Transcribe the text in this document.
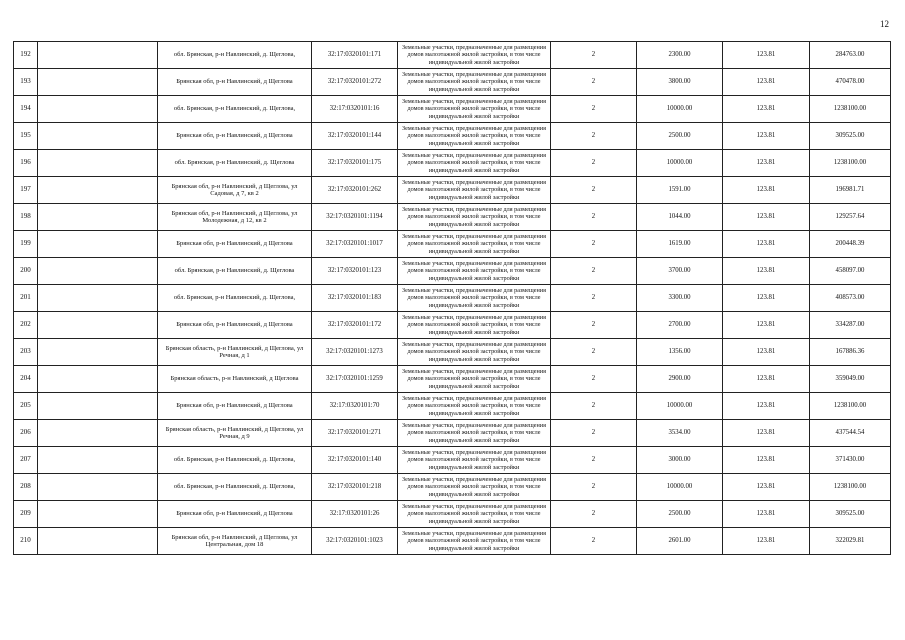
12
192		обл. Брянская, р-н Навлинский, д. Щеглова,	32:17:0320101:171	Земельные участки, предназначенные для размещения домов малоэтажной жилой застройки, в том числе индивидуальной жилой застройки	2	2300.00	123.81	284763.00
193		Брянская обл, р-н Навлинский, д Щеглова	32:17:0320101:272	Земельные участки, предназначенные для размещения домов малоэтажной жилой застройки, в том числе индивидуальной жилой застройки	2	3800.00	123.81	470478.00
194		обл. Брянская, р-н Навлинский, д. Щеглова,	32:17:0320101:16	Земельные участки, предназначенные для размещения домов малоэтажной жилой застройки, в том числе индивидуальной жилой застройки	2	10000.00	123.81	1238100.00
195		Брянская обл, р-н Навлинский, д Щеглова	32:17:0320101:144	Земельные участки, предназначенные для размещения домов малоэтажной жилой застройки, в том числе индивидуальной жилой застройки	2	2500.00	123.81	309525.00
196		обл. Брянская, р-н Навлинский, д. Щеглова	32:17:0320101:175	Земельные участки, предназначенные для размещения домов малоэтажной жилой застройки, в том числе индивидуальной жилой застройки	2	10000.00	123.81	1238100.00
197		Брянская обл, р-н Навлинский, д Щеглова, ул Садовая, д 7, кв 2	32:17:0320101:262	Земельные участки, предназначенные для размещения домов малоэтажной жилой застройки, в том числе индивидуальной жилой застройки	2	1591.00	123.81	196981.71
198		Брянская обл, р-н Навлинский, д Щеглова, ул Молодежная, д 12, кв 2	32:17:0320101:1194	Земельные участки, предназначенные для размещения домов малоэтажной жилой застройки, в том числе индивидуальной жилой застройки	2	1044.00	123.81	129257.64
199		Брянская обл, р-н Навлинский, д Щеглова	32:17:0320101:1017	Земельные участки, предназначенные для размещения домов малоэтажной жилой застройки, в том числе индивидуальной жилой застройки	2	1619.00	123.81	200448.39
200		обл. Брянская, р-н Навлинский, д. Щеглова	32:17:0320101:123	Земельные участки, предназначенные для размещения домов малоэтажной жилой застройки, в том числе индивидуальной жилой застройки	2	3700.00	123.81	458097.00
201		обл. Брянская, р-н Навлинский, д. Щеглова,	32:17:0320101:183	Земельные участки, предназначенные для размещения домов малоэтажной жилой застройки, в том числе индивидуальной жилой застройки	2	3300.00	123.81	408573.00
202		Брянская обл, р-н Навлинский, д Щеглова	32:17:0320101:172	Земельные участки, предназначенные для размещения домов малоэтажной жилой застройки, в том числе индивидуальной жилой застройки	2	2700.00	123.81	334287.00
203		Брянская область, р-н Навлинский, д Щеглова, ул Речная, д 1	32:17:0320101:1273	Земельные участки, предназначенные для размещения домов малоэтажной жилой застройки, в том числе индивидуальной жилой застройки	2	1356.00	123.81	167886.36
204		Брянская область, р-н Навлинский, д Щеглова	32:17:0320101:1259	Земельные участки, предназначенные для размещения домов малоэтажной жилой застройки, в том числе индивидуальной жилой застройки	2	2900.00	123.81	359049.00
205		Брянская обл, р-н Навлинский, д Щеглова	32:17:0320101:70	Земельные участки, предназначенные для размещения домов малоэтажной жилой застройки, в том числе индивидуальной жилой застройки	2	10000.00	123.81	1238100.00
206		Брянская область, р-н Навлинский, д Щеглова, ул Речная, д 9	32:17:0320101:271	Земельные участки, предназначенные для размещения домов малоэтажной жилой застройки, в том числе индивидуальной жилой застройки	2	3534.00	123.81	437544.54
207		обл. Брянская, р-н Навлинский, д. Щеглова,	32:17:0320101:140	Земельные участки, предназначенные для размещения домов малоэтажной жилой застройки, в том числе индивидуальной жилой застройки	2	3000.00	123.81	371430.00
208		обл. Брянская, р-н Навлинский, д. Щеглова,	32:17:0320101:218	Земельные участки, предназначенные для размещения домов малоэтажной жилой застройки, в том числе индивидуальной жилой застройки	2	10000.00	123.81	1238100.00
209		Брянская обл, р-н Навлинский, д Щеглова	32:17:0320101:26	Земельные участки, предназначенные для размещения домов малоэтажной жилой застройки, в том числе индивидуальной жилой застройки	2	2500.00	123.81	309525.00
210		Брянская обл, р-н Навлинский, д Щеглова, ул Центральная, дом 18	32:17:0320101:1023	Земельные участки, предназначенные для размещения домов малоэтажной жилой застройки, в том числе индивидуальной жилой застройки	2	2601.00	123.81	322029.81
